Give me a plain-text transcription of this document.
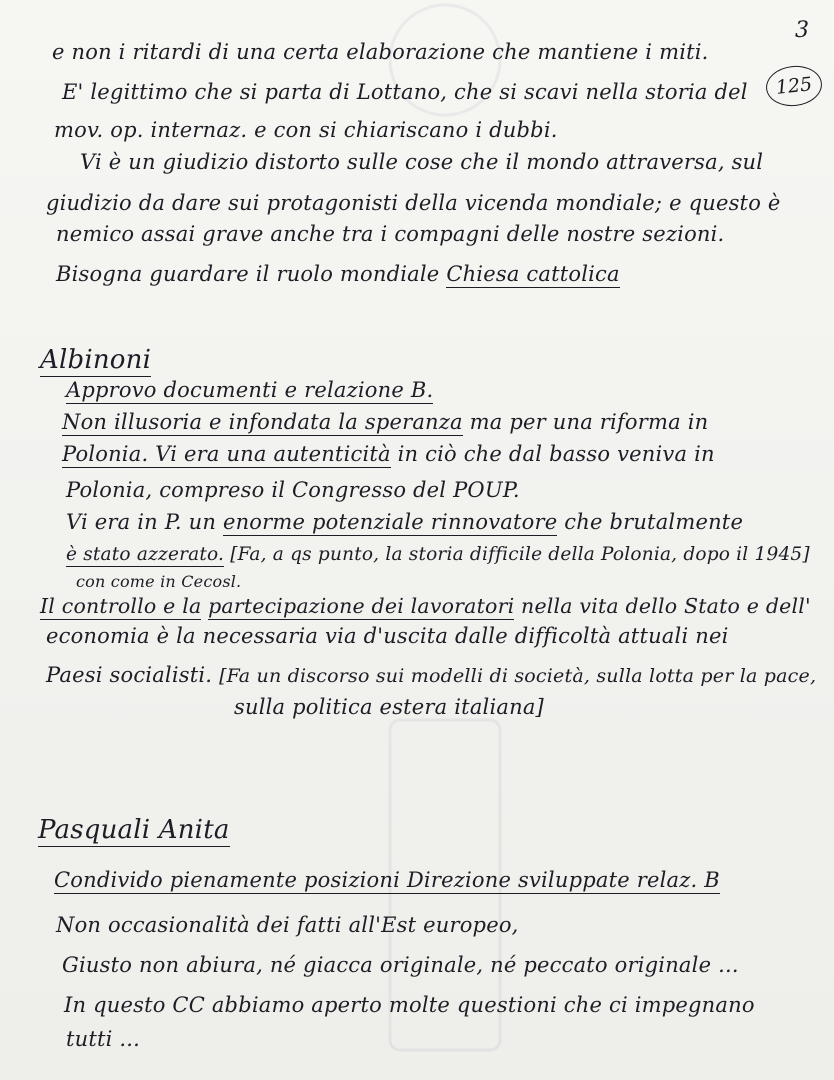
3
125
e non i ritardi di una certa elaborazione che mantiene i miti.
E' legittimo che si parta di Lottano, che si scavi nella storia del
mov. op. internaz. e con si chiariscano i dubbi.
Vi è un giudizio distorto sulle cose che il mondo attraversa, sul
giudizio da dare sui protagonisti della vicenda mondiale; e questo è
nemico assai grave anche tra i compagni delle nostre sezioni.
Bisogna guardare il ruolo mondiale Chiesa cattolica
Albinoni
Approvo documenti e relazione B.
Non illusoria e infondata la speranza ma per una riforma in
Polonia. Vi era una autenticità in ciò che dal basso veniva in
Polonia, compreso il Congresso del POUP.
Vi era in P. un enorme potenziale rinnovatore che brutalmente
è stato azzerato. [Fa, a qs punto, la storia difficile della Polonia, dopo il 1945]
con come in Cecosl.
Il controllo e la partecipazione dei lavoratori nella vita dello Stato e dell'
economia è la necessaria via d'uscita dalle difficoltà attuali nei
Paesi socialisti. [Fa un discorso sui modelli di società, sulla lotta per la pace,
sulla politica estera italiana]
Pasquali Anita
Condivido pienamente posizioni Direzione sviluppate relaz. B
Non occasionalità dei fatti all'Est europeo,
Giusto non abiura, né giacca originale, né peccato originale ...
In questo CC abbiamo aperto molte questioni che ci impegnano
tutti ...
